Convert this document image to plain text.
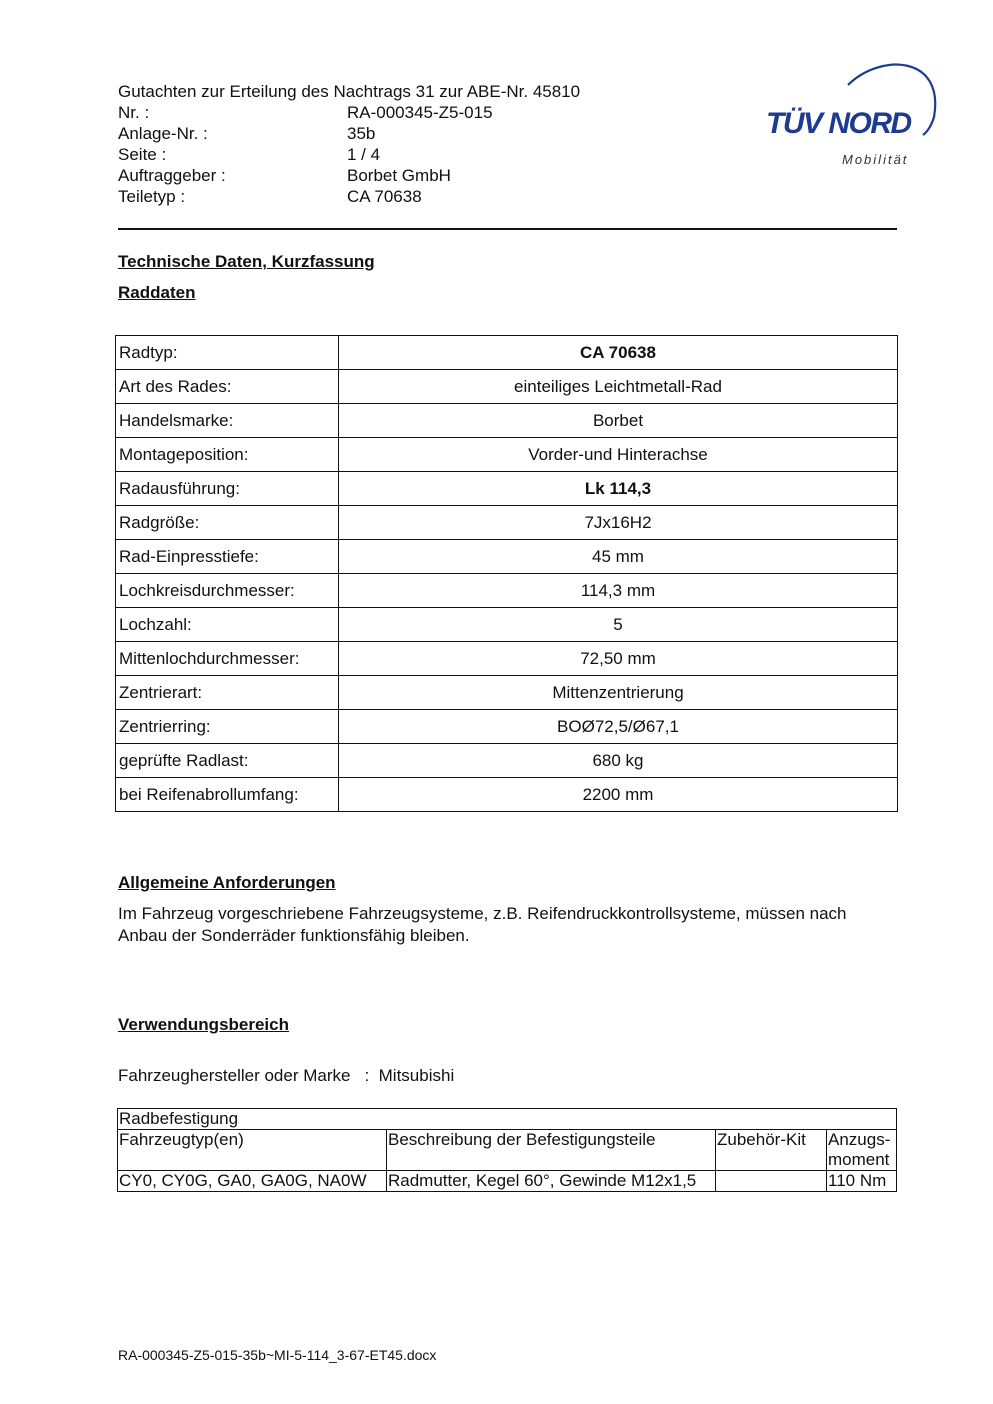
Gutachten zur Erteilung des Nachtrags 31 zur ABE-Nr. 45810
Nr. :	RA-000345-Z5-015
Anlage-Nr. :	35b
Seite :	1 / 4
Auftraggeber :	Borbet GmbH
Teiletyp :	CA 70638
TÜV NORD
Mobilität
Technische Daten, Kurzfassung
Raddaten
Radtyp:	CA 70638
Art des Rades:	einteiliges Leichtmetall-Rad
Handelsmarke:	Borbet
Montageposition:	Vorder-und Hinterachse
Radausführung:	Lk 114,3
Radgröße:	7Jx16H2
Rad-Einpresstiefe:	45 mm
Lochkreisdurchmesser:	114,3 mm
Lochzahl:	5
Mittenlochdurchmesser:	72,50 mm
Zentrierart:	Mittenzentrierung
Zentrierring:	BOØ72,5/Ø67,1
geprüfte Radlast:	680 kg
bei Reifenabrollumfang:	2200 mm
Allgemeine Anforderungen
Im Fahrzeug vorgeschriebene Fahrzeugsysteme, z.B. Reifendruckkontrollsysteme, müssen nach Anbau der Sonderräder funktionsfähig bleiben.
Verwendungsbereich
Fahrzeughersteller oder Marke : Mitsubishi
Radbefestigung			
Fahrzeugtyp(en)	Beschreibung der Befestigungsteile	Zubehör-Kit	Anzugs-moment
CY0, CY0G, GA0, GA0G, NA0W	Radmutter, Kegel 60°, Gewinde M12x1,5		110 Nm
RA-000345-Z5-015-35b~MI-5-114_3-67-ET45.docx
